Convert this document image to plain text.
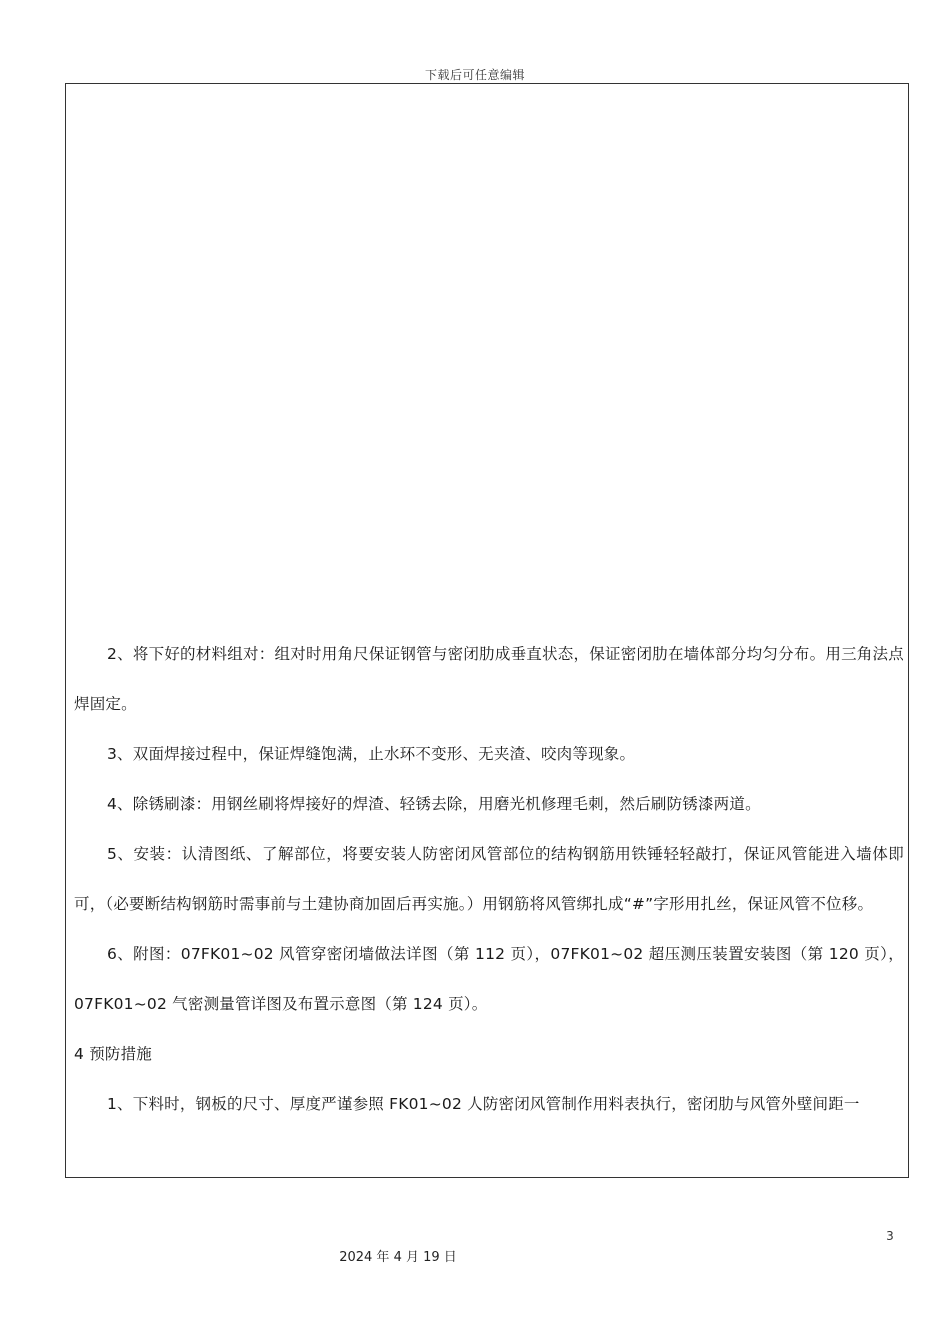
下载后可任意编辑

2、将下好的材料组对：组对时用角尺保证钢管与密闭肋成垂直状态，保证密闭肋在墙体部分均匀分布。用三角法点焊固定。

3、双面焊接过程中，保证焊缝饱满，止水环不变形、无夹渣、咬肉等现象。

4、除锈刷漆：用钢丝刷将焊接好的焊渣、轻锈去除，用磨光机修理毛刺，然后刷防锈漆两道。

5、安装：认清图纸、了解部位，将要安装人防密闭风管部位的结构钢筋用铁锤轻轻敲打，保证风管能进入墙体即可，（必要断结构钢筋时需事前与土建协商加固后再实施。）用钢筋将风管绑扎成“#”字形用扎丝，保证风管不位移。

6、附图：07FK01~02 风管穿密闭墙做法详图（第 112 页），07FK01~02 超压测压装置安装图（第 120 页），07FK01~02 气密测量管详图及布置示意图（第 124 页）。

4 预防措施

1、下料时，钢板的尺寸、厚度严谨参照 FK01~02 人防密闭风管制作用料表执行，密闭肋与风管外壁间距一

3
2024 年 4 月 19 日
